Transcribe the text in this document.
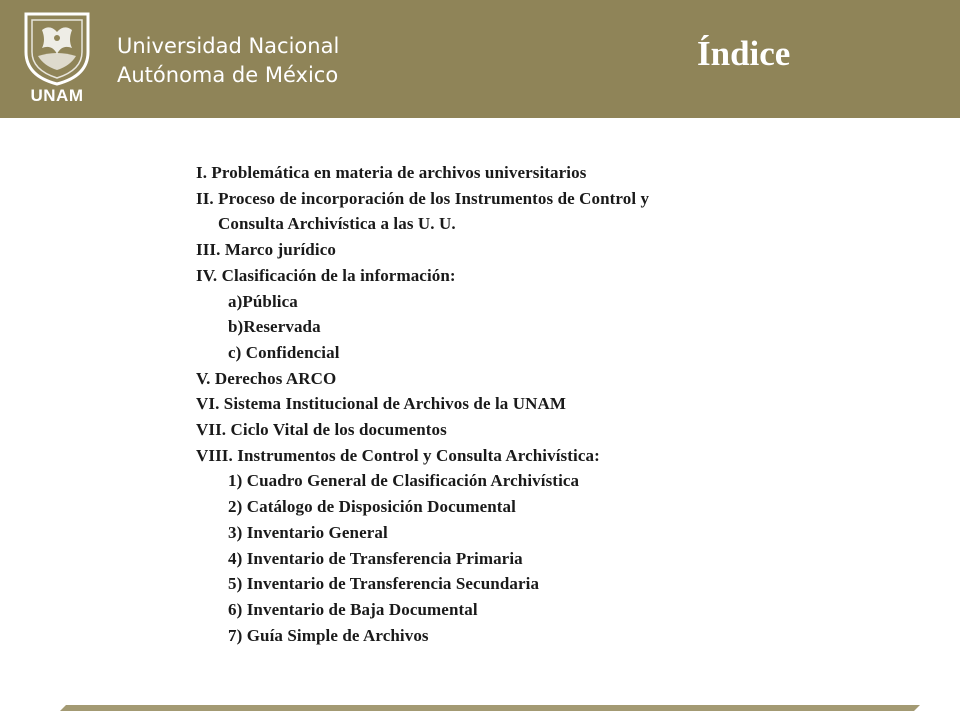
UNAM
Universidad Nacional
Autónoma de México
Índice
I. Problemática en materia de archivos universitarios
II. Proceso de incorporación de los Instrumentos de Control y
Consulta Archivística a las U. U.
III. Marco jurídico
IV. Clasificación de la información:
a)Pública
b)Reservada
c) Confidencial
V. Derechos ARCO
VI. Sistema Institucional de Archivos de la UNAM
VII. Ciclo Vital de los documentos
VIII. Instrumentos de Control y Consulta Archivística:
1) Cuadro General de Clasificación Archivística
2) Catálogo de Disposición Documental
3) Inventario General
4) Inventario de Transferencia Primaria
5) Inventario de Transferencia Secundaria
6) Inventario de Baja Documental
7) Guía Simple de Archivos
